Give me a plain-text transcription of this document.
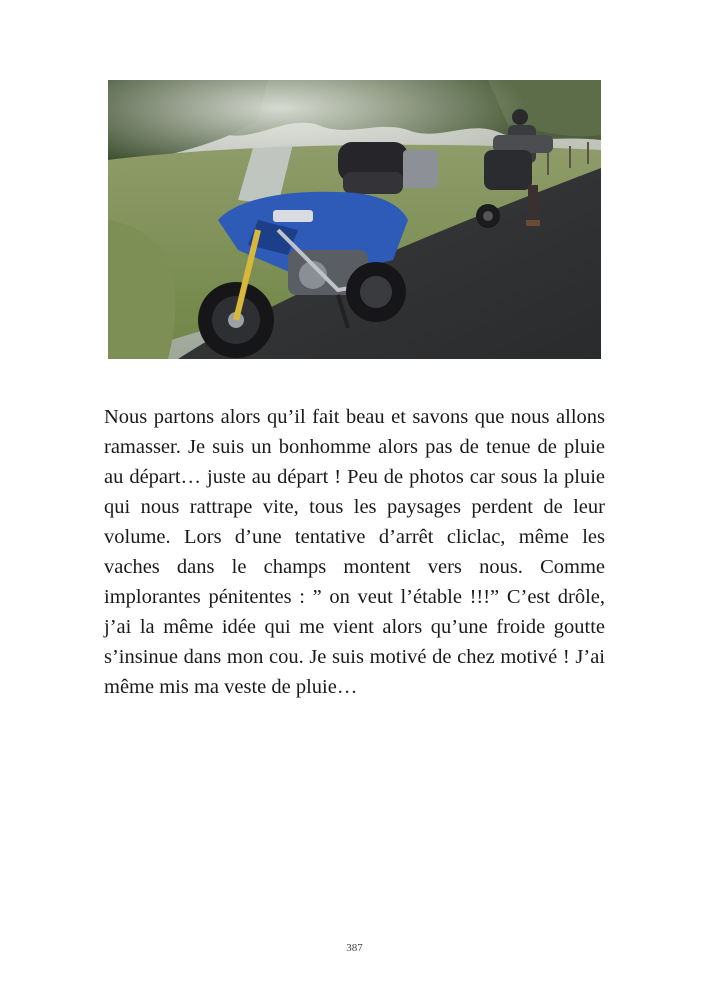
Nous partons alors qu’il fait beau et savons que nous allons ramasser. Je suis un bonhomme alors pas de tenue de pluie au départ… juste au départ ! Peu de photos car sous la pluie qui nous rattrape vite, tous les paysages perdent de leur volume. Lors d’une tentative d’arrêt cliclac, même les vaches dans le champs montent vers nous. Comme implorantes pénitentes : ” on veut l’étable !!!” C’est drôle, j’ai la même idée qui me vient alors qu’une froide goutte s’insinue dans mon cou. Je suis motivé de chez motivé ! J’ai même mis ma veste de pluie…

387
